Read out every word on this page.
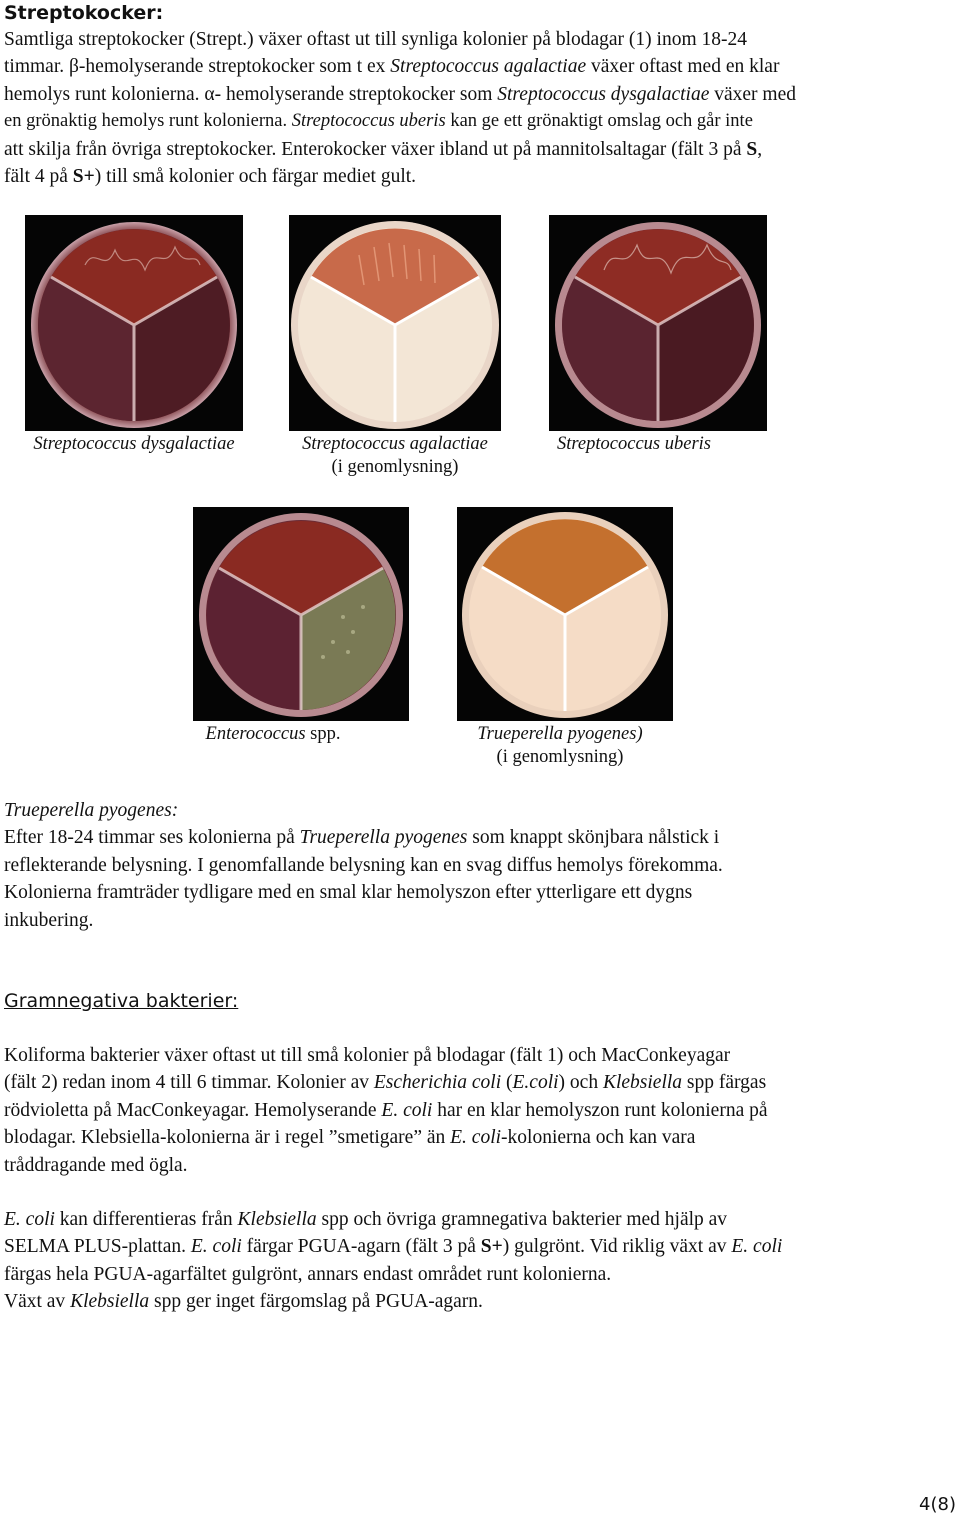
Streptokocker:
Samtliga streptokocker (Strept.) växer oftast ut till synliga kolonier på blodagar (1) inom 18-24
timmar. β-hemolyserande streptokocker som t ex Streptococcus agalactiae växer oftast med en klar
hemolys runt kolonierna. α- hemolyserande streptokocker som Streptococcus dysgalactiae växer med
en grönaktig hemolys runt kolonierna. Streptococcus uberis kan ge ett grönaktigt omslag och går inte
att skilja från övriga streptokocker. Enterokocker växer ibland ut på mannitolsaltagar (fält 3 på S,
fält 4 på S+) till små kolonier och färgar mediet gult.
Streptococcus dysgalactiae	Streptococcus agalactiae
(i genomlysning)
Streptococcus uberis
Enterococcus spp.	Trueperella pyogenes)
(i genomlysning)
Trueperella pyogenes:
Efter 18-24 timmar ses kolonierna på Trueperella pyogenes som knappt skönjbara nålstick i
reflekterande belysning. I genomfallande belysning kan en svag diffus hemolys förekomma.
Kolonierna framträder tydligare med en smal klar hemolyszon efter ytterligare ett dygns
inkubering.
Gramnegativa bakterier:
Koliforma bakterier växer oftast ut till små kolonier på blodagar (fält 1) och MacConkeyagar
(fält 2) redan inom 4 till 6 timmar. Kolonier av Escherichia coli (E.coli) och Klebsiella spp färgas
rödvioletta på MacConkeyagar. Hemolyserande E. coli har en klar hemolyszon runt kolonierna på
blodagar. Klebsiella-kolonierna är i regel ”smetigare” än E. coli-kolonierna och kan vara
tråddragande med ögla.
E. coli kan differentieras från Klebsiella spp och övriga gramnegativa bakterier med hjälp av
SELMA PLUS-plattan. E. coli färgar PGUA-agarn (fält 3 på S+) gulgrönt. Vid riklig växt av E. coli
färgas hela PGUA-agarfältet gulgrönt, annars endast området runt kolonierna.
Växt av Klebsiella spp ger inget färgomslag på PGUA-agarn.
4(8)
